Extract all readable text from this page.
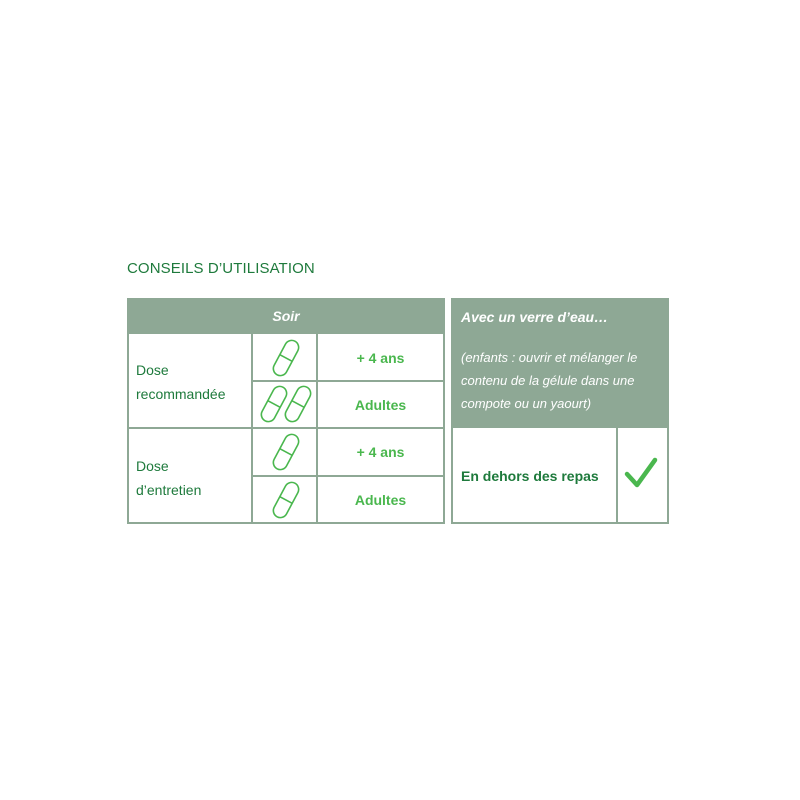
CONSEILS D’UTILISATION
Soir
Dose
recommandée
Dose
d’entretien
+ 4 ans
Adultes
+ 4 ans
Adultes
Avec un verre d’eau…
(enfants : ouvrir et mélanger le contenu de la gélule dans une compote ou un yaourt)
En dehors des repas
